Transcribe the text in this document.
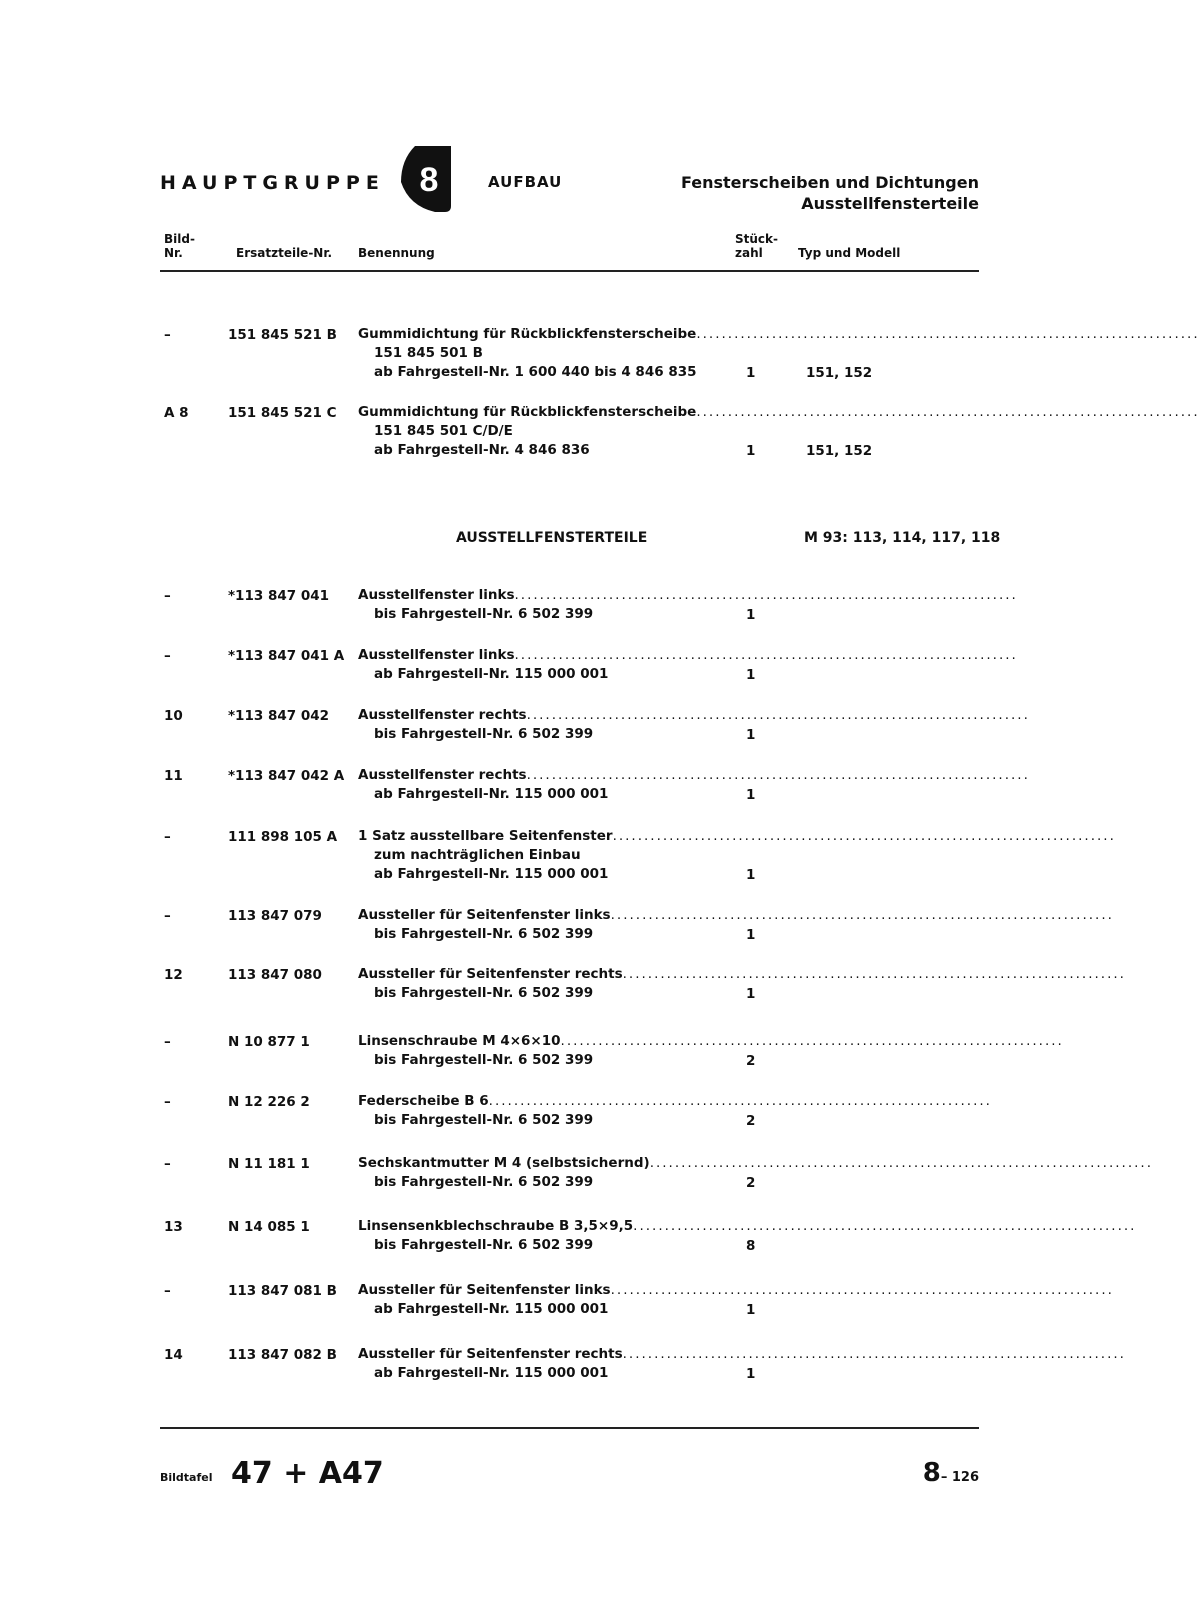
HAUPTGRUPPE 8	AUFBAU	Fensterscheiben und Dichtungen
Ausstellfensterteile
Bild-
Nr.	Ersatzteile-Nr. Benennung
Stück-
zahl	Typ und Modell
–	151 845 521 B Gummidichtung für Rückblickfensterscheibe ................................................................................
151 845 501 B
ab Fahrgestell-Nr. 1 600 440 bis 4 846 835	1	151, 152
A 8	151 845 521 C Gummidichtung für Rückblickfensterscheibe ................................................................................
151 845 501 C/D/E
ab Fahrgestell-Nr. 4 846 836	1	151, 152
–	*113 847 041 Ausstellfenster links ................................................................................
bis Fahrgestell-Nr. 6 502 399	1
–	*113 847 041 A Ausstellfenster links ................................................................................
ab Fahrgestell-Nr. 115 000 001	1
10	*113 847 042 Ausstellfenster rechts ................................................................................
bis Fahrgestell-Nr. 6 502 399	1
11	*113 847 042 A Ausstellfenster rechts ................................................................................
ab Fahrgestell-Nr. 115 000 001	1
–	111 898 105 A 1 Satz ausstellbare Seitenfenster ................................................................................
zum nachträglichen Einbau
ab Fahrgestell-Nr. 115 000 001	1
–	113 847 079	Aussteller für Seitenfenster links ................................................................................
bis Fahrgestell-Nr. 6 502 399	1
12	113 847 080	Aussteller für Seitenfenster rechts ................................................................................
bis Fahrgestell-Nr. 6 502 399	1
–	N 10 877 1	Linsenschraube M 4×6×10 ................................................................................
bis Fahrgestell-Nr. 6 502 399	2
–	N 12 226 2	Federscheibe B 6 ................................................................................
bis Fahrgestell-Nr. 6 502 399	2
–	N 11 181 1	Sechskantmutter M 4 (selbstsichernd) ................................................................................
bis Fahrgestell-Nr. 6 502 399	2
13	N 14 085 1	Linsensenkblechschraube B 3,5×9,5 ................................................................................
bis Fahrgestell-Nr. 6 502 399	8
–	113 847 081 B Aussteller für Seitenfenster links ................................................................................
ab Fahrgestell-Nr. 115 000 001	1
14	113 847 082 B Aussteller für Seitenfenster rechts ................................................................................
ab Fahrgestell-Nr. 115 000 001	1
AUSSTELLFENSTERTEILE	M 93: 113, 114, 117, 118
Bildtafel 47 + A47	8– 126
